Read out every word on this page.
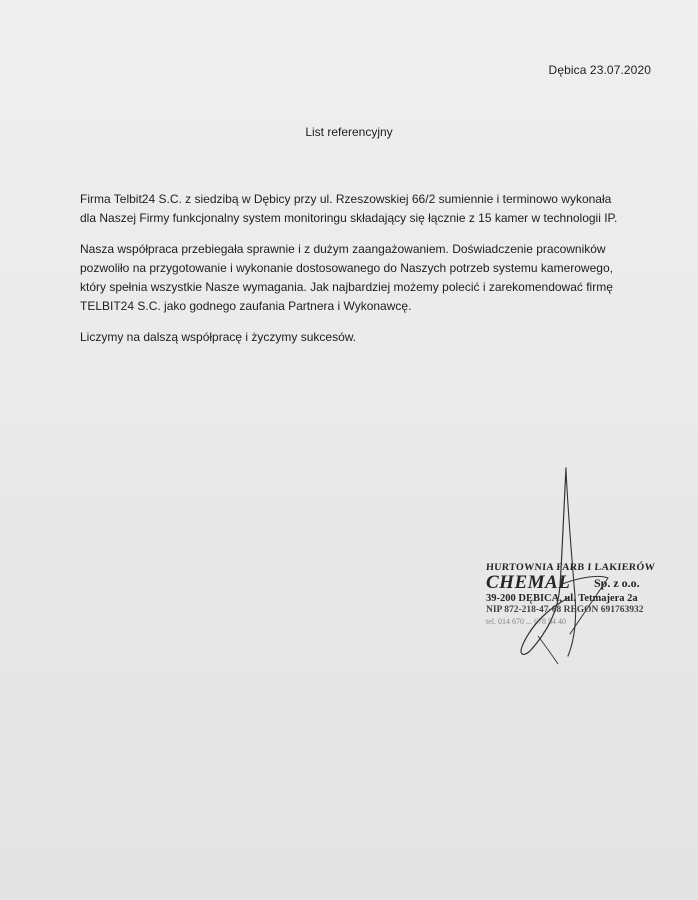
Dębica 23.07.2020
List referencyjny

Firma Telbit24 S.C. z siedzibą w Dębicy przy ul. Rzeszowskiej 66/2 sumiennie i terminowo wykonała
dla Naszej Firmy funkcjonalny system monitoringu składający się łącznie z 15 kamer w technologii IP.

Nasza współpraca przebiegała sprawnie i z dużym zaangażowaniem. Doświadczenie pracowników
pozwoliło na przygotowanie i wykonanie dostosowanego do Naszych potrzeb systemu kamerowego,
który spełnia wszystkie Nasze wymagania. Jak najbardziej możemy polecić i zarekomendować firmę
TELBIT24 S.C. jako godnego zaufania Partnera i Wykonawcę.

Liczymy na dalszą współpracę i życzymy sukcesów.

HURTOWNIA FARB I LAKIERÓW
CHEMAL Sp. z o.o.
39-200 DĘBICA, ul. Tetmajera 2a
NIP 872-218-47-68 REGON 691763932
tel. 014 670 ... 678 54 40
